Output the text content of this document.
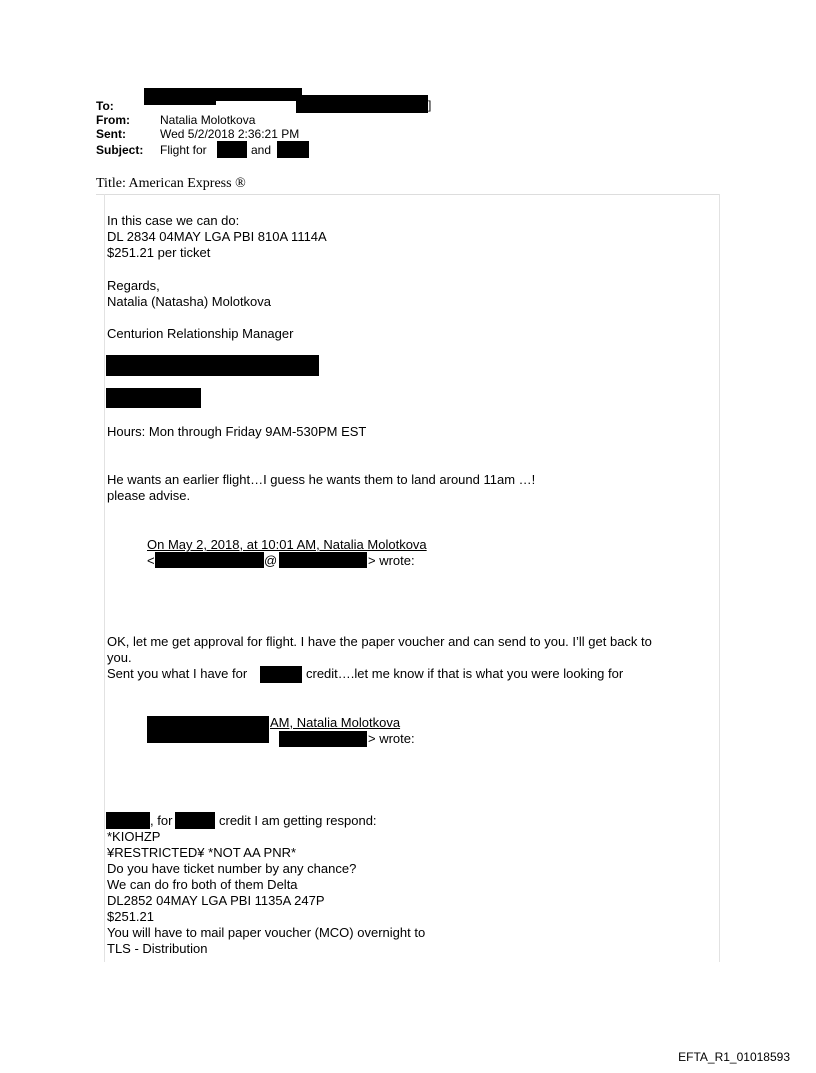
To:	]
From:	Natalia Molotkova
Sent:	Wed 5/2/2018 2:36:21 PM
Subject: Flight for	and
Title: American Express ®
In this case we can do:
DL 2834 04MAY LGA PBI 810A 1114A
$251.21 per ticket
Regards,
Natalia (Natasha) Molotkova
Centurion Relationship Manager
Hours: Mon through Friday 9AM-530PM EST
He wants an earlier flight…I guess he wants them to land around 11am …!
please advise.
On May 2, 2018, at 10:01 AM, Natalia Molotkova
<	@	> wrote:
OK, let me get approval for flight. I have the paper voucher and can send to you. I’ll get back to
you.
Sent you what I have for	credit….let me know if that is what you were looking for
AM, Natalia Molotkova
> wrote:
, for	credit I am getting respond:
*KIOHZP
¥RESTRICTED¥ *NOT AA PNR*
Do you have ticket number by any chance?
We can do fro both of them Delta
DL2852 04MAY LGA PBI 1135A 247P
$251.21
You will have to mail paper voucher (MCO) overnight to
TLS - Distribution
EFTA_R1_01018593
